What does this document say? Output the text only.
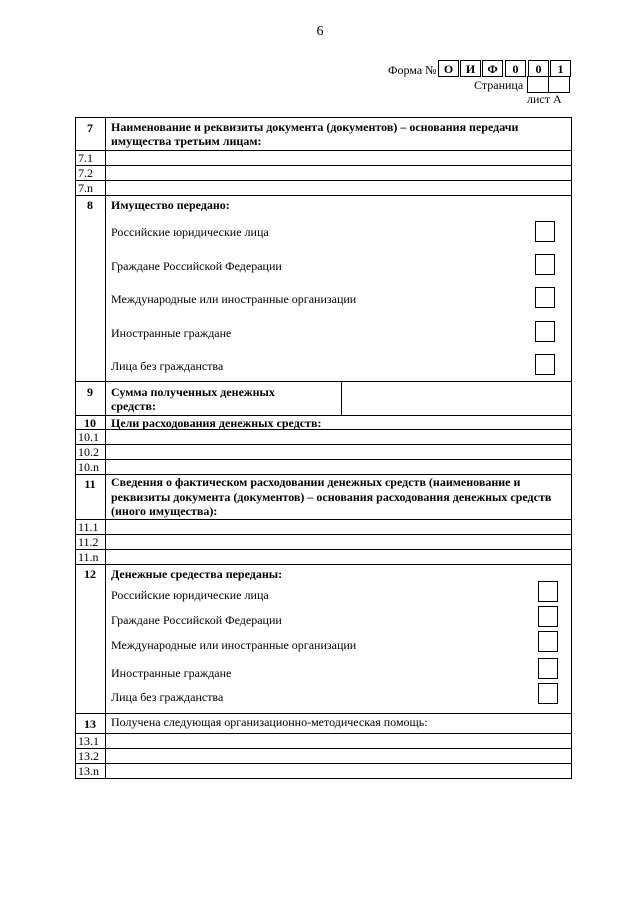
6
Форма № О	И	Ф	0	0	1
Страница
лист А
7	Наименование и реквизиты документа (документов) – основания передачи имущества третьим лицам:
7.1
7.2
7.n
8	Имущество передано:
Российские юридические лица
Граждане Российской Федерации
Международные или иностранные организации
Иностранные граждане
Лица без гражданства
9	Сумма полученных денежных средств:
10	Цели расходования денежных средств:
10.1
10.2
10.n
11	Сведения о фактическом расходовании денежных средств (наименование и реквизиты документа (документов) – основания расходования денежных средств (иного имущества):
11.1
11.2
11.n
12	Денежные средества переданы:
Российские юридические лица
Граждане Российской Федерации
Международные или иностранные организации
Иностранные граждане
Лица без гражданства
13	Получена следующая организационно-методическая помощь:
13.1
13.2
13.n
